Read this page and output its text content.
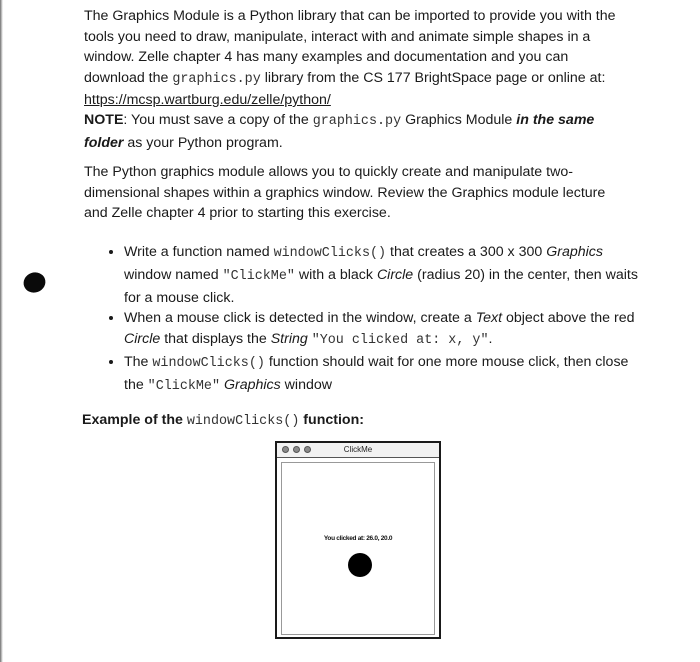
The Graphics Module is a Python library that can be imported to provide you with the tools you need to draw, manipulate, interact with and animate simple shapes in a window. Zelle chapter 4 has many examples and documentation and you can download the graphics.py library from the CS 177 BrightSpace page or online at: https://mcsp.wartburg.edu/zelle/python/

NOTE: You must save a copy of the graphics.py Graphics Module in the same folder as your Python program.

The Python graphics module allows you to quickly create and manipulate two-dimensional shapes within a graphics window. Review the Graphics module lecture and Zelle chapter 4 prior to starting this exercise.

• Write a function named windowClicks() that creates a 300 x 300 Graphics window named "ClickMe" with a black Circle (radius 20) in the center, then waits for a mouse click.
• When a mouse click is detected in the window, create a Text object above the red Circle that displays the String "You clicked at: x, y".
• The windowClicks() function should wait for one more mouse click, then close the "ClickMe" Graphics window

Example of the windowClicks() function:

ClickMe
You clicked at: 26.0, 20.0
